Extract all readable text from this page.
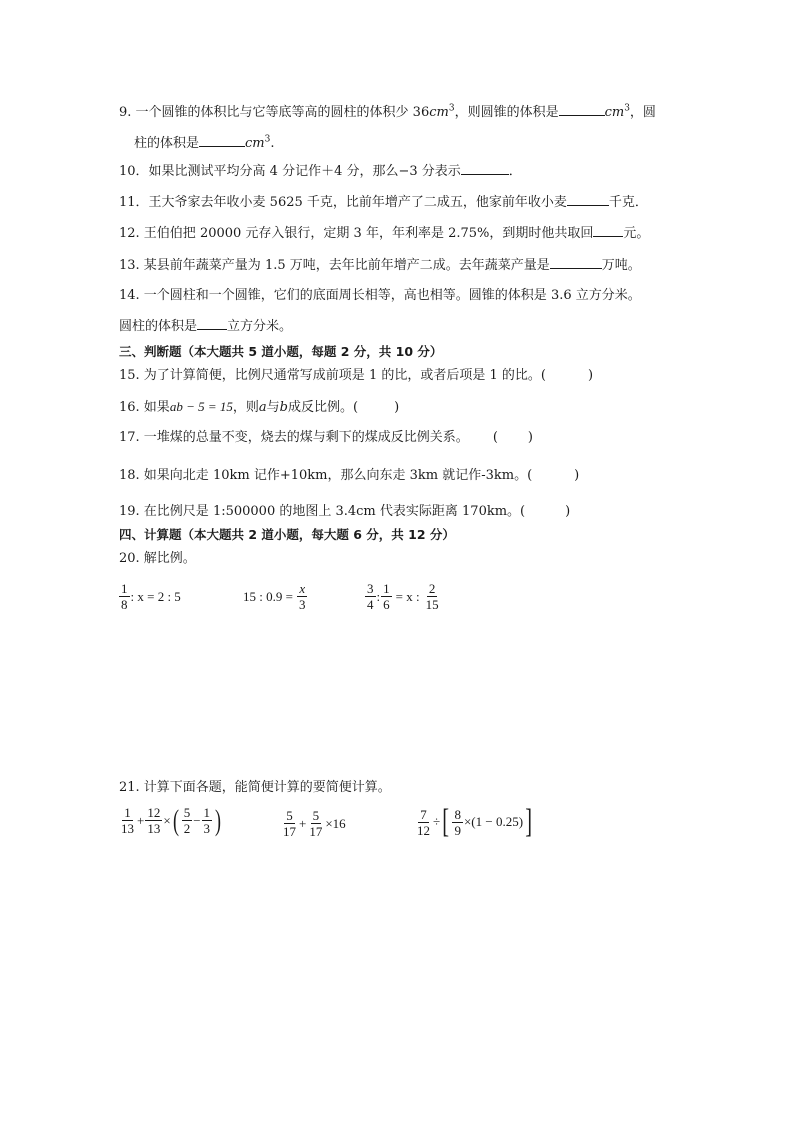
9. 一个圆锥的体积比与它等底等高的圆柱的体积少 $36cm^3$，则圆锥的体积是	$cm^3$，圆
柱的体积是	$cm^3$.
10．如果比测试平均分高 4 分记作＋4 分，那么−3 分表示	．
11．王大爷家去年收小麦 5625 千克，比前年增产了二成五，他家前年收小麦	千克．
12. 王伯伯把 20000 元存入银行，定期 3 年，年利率是 2.75%，到期时他共取回 元。
13. 某县前年蔬菜产量为 1.5 万吨，去年比前年增产二成。去年蔬菜产量是	万吨。
14. 一个圆柱和一个圆锥，它们的底面周长相等，高也相等。圆锥的体积是 3.6 立方分米。
圆柱的体积是 立方分米。
三、判断题（本大题共 5 道小题，每题 2 分，共 10 分）
15. 为了计算简便，比例尺通常写成前项是 1 的比，或者后项是 1 的比。(	)
16. 如果ab − 5 = 15，则a与b成反比例。(	)
17. 一堆煤的总量不变，烧去的煤与剩下的煤成反比例关系。 ( )
18. 如果向北走 10km 记作+10km，那么向东走 3km 就记作-3km。(	)
19. 在比例尺是 1:500000 的地图上 3.4cm 代表实际距离 170km。(	)
四、计算题（本大题共 2 道小题，每大题 6 分，共 12 分）
20. 解比例。
$\frac{1}{8}$ : x = 2 : 5	15 : $0.9 = \frac{x}{3}$	$\frac{3}{4}$ : $\frac{1}{6} = x$ : $\frac{2}{15}$
21. 计算下面各题，能简便计算的要简便计算。
$\frac{1}{13} + \frac{12}{13}$ × ( $\frac{5}{2} - \frac{1}{3}$ )	$\frac{5}{17} + \frac{5}{17} \times 16$	$\frac{7}{12}$ ÷ [ $\frac{8}{9} \times(1 - 0.25)$ ]
